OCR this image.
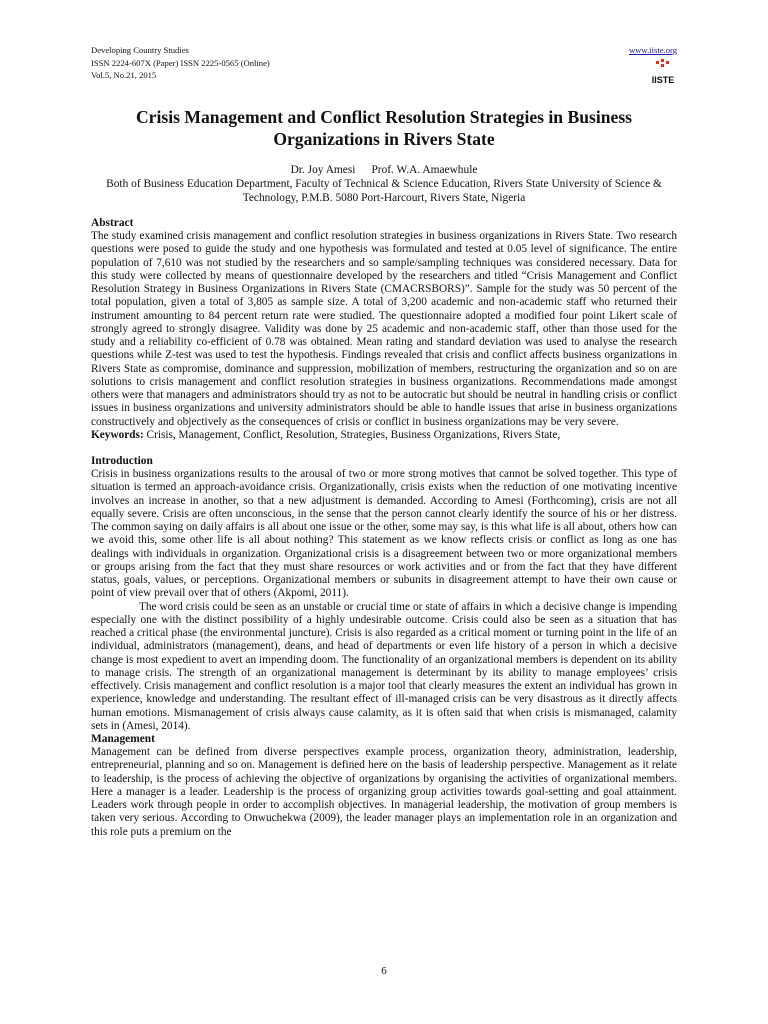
Developing Country Studies
ISSN 2224-607X (Paper) ISSN 2225-0565 (Online)
Vol.5, No.21, 2015
www.iiste.org
IISTE
Crisis Management and Conflict Resolution Strategies in Business Organizations in Rivers State
Dr. Joy Amesi Prof. W.A. Amaewhule
Both of Business Education Department, Faculty of Technical & Science Education, Rivers State University of Science & Technology, P.M.B. 5080 Port-Harcourt, Rivers State, Nigeria
Abstract

The study examined crisis management and conflict resolution strategies in business organizations in Rivers State. Two research questions were posed to guide the study and one hypothesis was formulated and tested at 0.05 level of significance. The entire population of 7,610 was not studied by the researchers and so sample/sampling techniques was considered necessary. Data for this study were collected by means of questionnaire developed by the researchers and titled “Crisis Management and Conflict Resolution Strategy in Business Organizations in Rivers State (CMACRSBORS)”. Sample for the study was 50 percent of the total population, given a total of 3,805 as sample size. A total of 3,200 academic and non-academic staff who returned their instrument amounting to 84 percent return rate were studied. The questionnaire adopted a modified four point Likert scale of strongly agreed to strongly disagree. Validity was done by 25 academic and non-academic staff, other than those used for the study and a reliability co-efficient of 0.78 was obtained. Mean rating and standard deviation was used to analyse the research questions while Z-test was used to test the hypothesis. Findings revealed that crisis and conflict affects business organizations in Rivers State as compromise, dominance and suppression, mobilization of members, restructuring the organization and so on are solutions to crisis management and conflict resolution strategies in business organizations. Recommendations made amongst others were that managers and administrators should try as not to be autocratic but should be neutral in handling crisis or conflict issues in business organizations and university administrators should be able to handle issues that arise in business organizations constructively and objectively as the consequences of crisis or conflict in business organizations may be very severe.

Keywords: Crisis, Management, Conflict, Resolution, Strategies, Business Organizations, Rivers State,

Introduction

Crisis in business organizations results to the arousal of two or more strong motives that cannot be solved together. This type of situation is termed an approach-avoidance crisis. Organizationally, crisis exists when the reduction of one motivating incentive involves an increase in another, so that a new adjustment is demanded. According to Amesi (Forthcoming), crisis are not all equally severe. Crisis are often unconscious, in the sense that the person cannot clearly identify the source of his or her distress. The common saying on daily affairs is all about one issue or the other, some may say, is this what life is all about, others how can we avoid this, some other life is all about nothing? This statement as we know reflects crisis or conflict as long as one has dealings with individuals in organization. Organizational crisis is a disagreement between two or more organizational members or groups arising from the fact that they must share resources or work activities and or from the fact that they have different status, goals, values, or perceptions. Organizational members or subunits in disagreement attempt to have their own cause or point of view prevail over that of others (Akpomi, 2011).

The word crisis could be seen as an unstable or crucial time or state of affairs in which a decisive change is impending especially one with the distinct possibility of a highly undesirable outcome. Crisis could also be seen as a situation that has reached a critical phase (the environmental juncture). Crisis is also regarded as a critical moment or turning point in the life of an individual, administrators (management), deans, and head of departments or even life history of a person in which a decisive change is most expedient to avert an impending doom. The functionality of an organizational members is dependent on its ability to manage crisis. The strength of an organizational management is determinant by its ability to manage employees’ crisis effectively. Crisis management and conflict resolution is a major tool that clearly measures the extent an individual has grown in experience, knowledge and understanding. The resultant effect of ill-managed crisis can be very disastrous as it directly affects human emotions. Mismanagement of crisis always cause calamity, as it is often said that when crisis is mismanaged, calamity sets in (Amesi, 2014).

Management

Management can be defined from diverse perspectives example process, organization theory, administration, leadership, entrepreneurial, planning and so on. Management is defined here on the basis of leadership perspective. Management as it relate to leadership, is the process of achieving the objective of organizations by organising the activities of organizational members. Here a manager is a leader. Leadership is the process of organizing group activities towards goal-setting and goal attainment. Leaders work through people in order to accomplish objectives. In managerial leadership, the motivation of group members is taken very serious. According to Onwuchekwa (2009), the leader manager plays an implementation role in an organization and this role puts a premium on the

6
